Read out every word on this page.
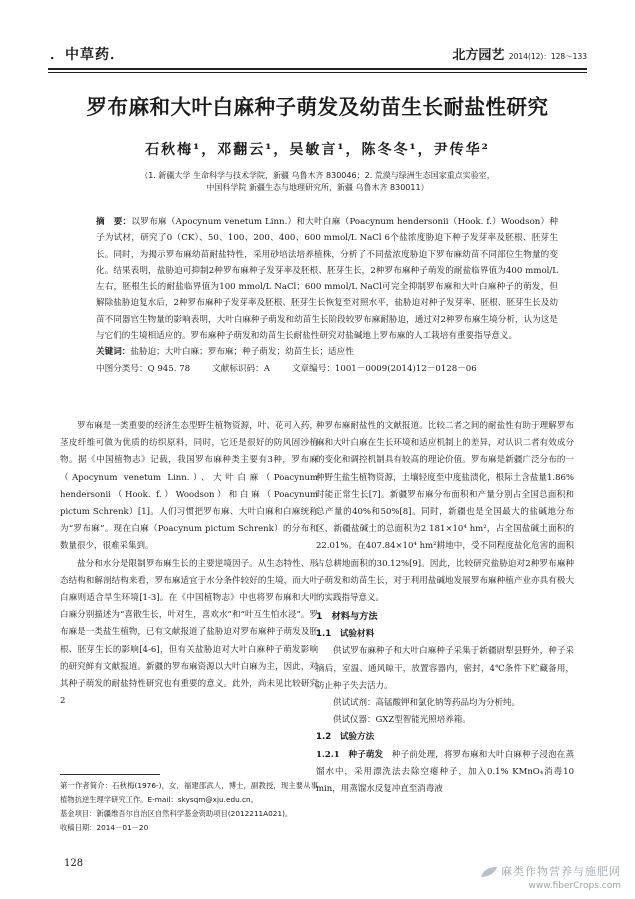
．中草药．	北方园艺 2014(12)：128～133
罗布麻和大叶白麻种子萌发及幼苗生长耐盐性研究
石秋梅¹，邓翻云¹，吴敏言¹，陈冬冬¹，尹传华²
（1. 新疆大学 生命科学与技术学院，新疆 乌鲁木齐 830046；2. 荒漠与绿洲生态国家重点实验室，
中国科学院 新疆生态与地理研究所，新疆 乌鲁木齐 830011）

摘　要：以罗布麻（Apocynum venetum Linn.）和大叶白麻（Poacynum hendersonii（Hook. f.）Woodson）种子为试材，研究了0（CK）、50、100、200、400、600 mmol/L NaCl 6个盐浓度胁迫下种子发芽率及胚根、胚芽生长。同时，为揭示罗布麻幼苗耐盐特性，采用砂培法培养植株，分析了不同盐浓度胁迫下罗布麻幼苗不同部位生物量的变化。结果表明，盐胁迫可抑制2种罗布麻种子发芽率及胚根、胚芽生长，2种罗布麻种子萌发的耐盐临界值为400 mmol/L左右，胚根生长的耐盐临界值为100 mmol/L NaCl；600 mmol/L NaCl可完全抑制罗布麻和大叶白麻种子的萌发，但解除盐胁迫复水后，2种罗布麻种子发芽率及胚根、胚芽生长恢复至对照水平，盐胁迫对种子发芽率、胚根、胚芽生长及幼苗不同器官生物量的影响表明，大叶白麻种子萌发和幼苗生长阶段较罗布麻耐胁迫，通过对2种罗布麻生境分析，认为这是与它们的生境相适应的。罗布麻种子萌发和幼苗生长耐盐性研究对盐碱地上罗布麻的人工栽培有重要指导意义。

关键词：盐胁迫；大叶白麻；罗布麻；种子萌发；幼苗生长；适应性

中图分类号：Q 945. 78	文献标识码：A	文章编号：1001－0009(2014)12－0128－06

罗布麻是一类重要的经济生态型野生植物资源，叶、花可入药，茎皮纤维可做为优质的纺织原料，同时，它还是很好的防风固沙植物。据《中国植物志》记载，我国罗布麻种类主要有3种，罗布麻（Apocynum venetum Linn.）、大叶白麻（Poacynum hendersonii（Hook. f.）Woodson）和白麻（Poacynum pictum Schrenk）[1]。人们习惯把罗布麻、大叶白麻和白麻统称为“罗布麻”。现在白麻（Poacynum pictum Schrenk）的分布和数量很少，很难采集到。

盐分和水分是限制罗布麻生长的主要逆境因子。从生态特性、形态结构和解剖结构来看，罗布麻适宜于水分条件较好的生境，而大叶白麻则适合旱生环境[1-3]。在《中国植物志》中也将罗布麻和大叶白麻分别描述为“喜散生长，叶对生，喜欢水”和“叶互生怕水浸”。罗布麻是一类盐生植物，已有文献报道了盐胁迫对罗布麻种子萌发及胚根、胚芽生长的影响[4-6]，但有关盐胁迫对大叶白麻种子萌发影响的研究鲜有文献报道。新疆的罗布麻资源以大叶白麻为主，因此，对其种子萌发的耐盐特性研究也有重要的意义。此外，尚未见比较研究2

种罗布麻耐盐性的文献报道。比较二者之间的耐盐性有助于理解罗布麻和大叶白麻在生长环境和适应机制上的差异，对认识二者有效成分的变化和调控机制具有较高的理论价值。罗布麻是新疆广泛分布的一种野生盐生植物资源，土壤轻度至中度盐渍化，根际土含盐量1.86%时能正常生长[7]。新疆罗布麻分布面积和产量分别占全国总面积和总产量的40%和50%[8]。同时，新疆也是全国最大的盐碱地分布区，新疆盐碱土的总面积为2 181×10⁴ hm²，占全国盐碱土面积的22.01%。在407.84×10⁴ hm²耕地中，受不同程度盐化危害的面积占总耕地面积的30.12%[9]。因此，比较研究盐胁迫对2种罗布麻种子萌发和幼苗生长，对于利用盐碱地发展罗布麻种植产业亦具有极大的实践指导意义。

1　材料与方法
1.1　试验材料

供试罗布麻种子和大叶白麻种子采集于新疆尉犁县野外，种子采摘后，室温、通风晾干，放置容器内，密封，4℃条件下贮藏备用，防止种子失去活力。

供试试剂：高锰酸钾和氯化钠等药品均为分析纯。

供试仪器：GXZ型智能光照培养箱。

1.2　试验方法

1.2.1　种子萌发　 种子前处理，将罗布麻和大叶白麻种子浸泡在蒸馏水中，采用漂洗法去除空瘪种子，加入0.1% KMnO₄消毒10 min，用蒸馏水反复冲直至消毒液

第一作者简介：石秋梅(1976-)，女，福建邵武人，博士，副教授，现主要从事植物抗逆生理学研究工作。E-mail：skysqm@xju.edu.cn。

基金项目：新疆维吾尔自治区自然科学基金资助项目(2012211A021)。

收稿日期：2014－01－20

128
麻类作物营养与施肥网
www.fiberCrops.com
